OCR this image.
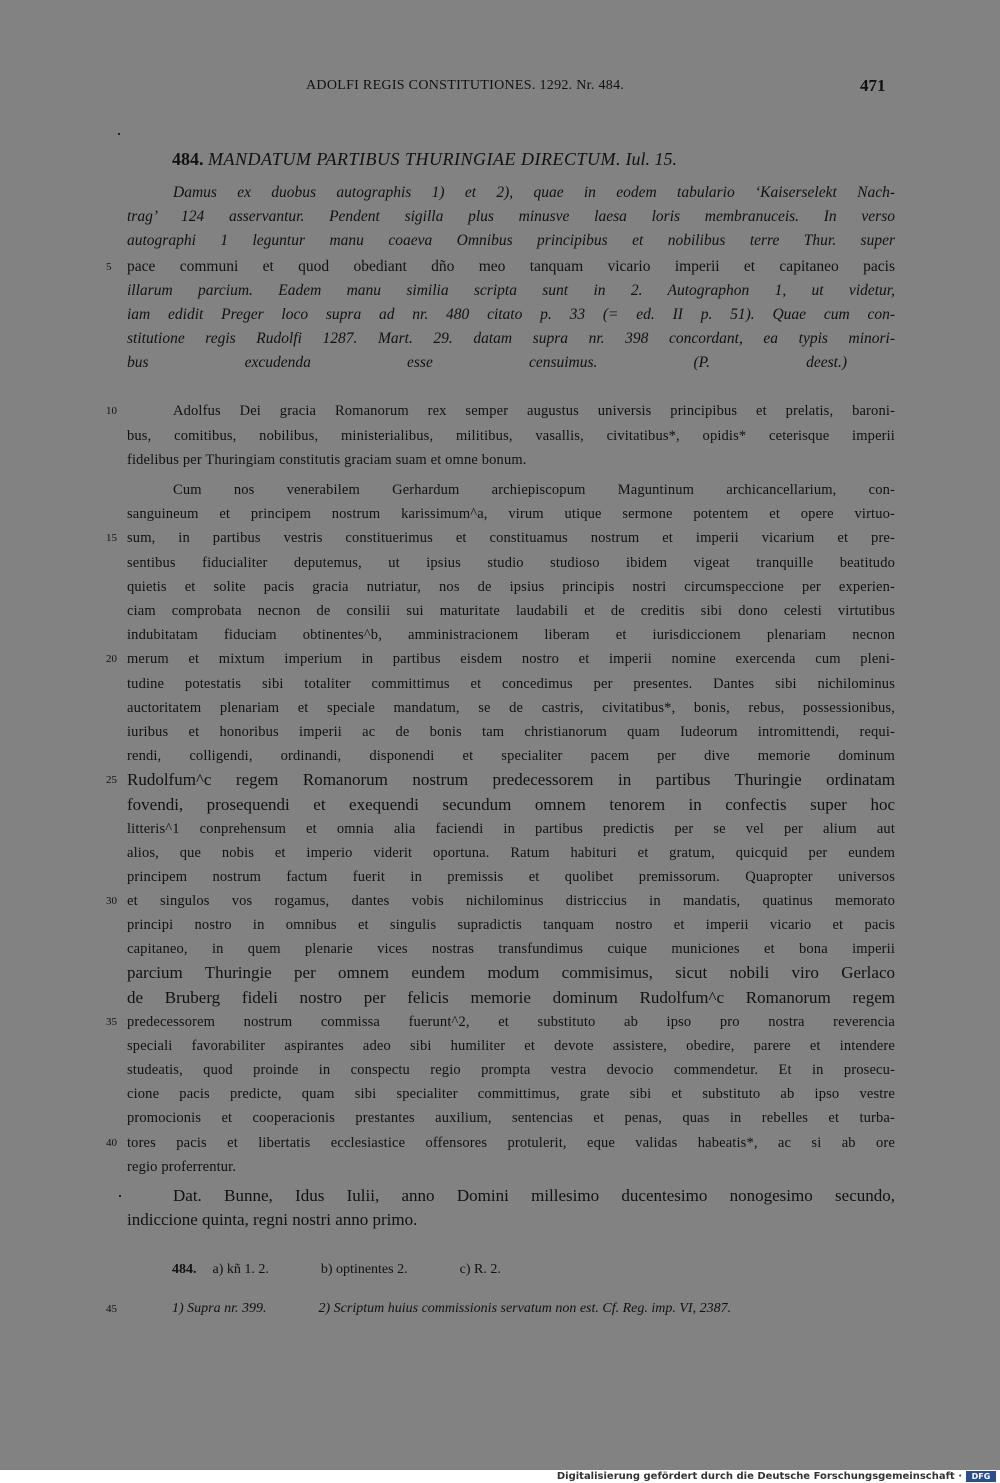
ADOLFI REGIS CONSTITUTIONES. 1292. Nr. 484.	471
484. MANDATUM PARTIBUS THURINGIAE DIRECTUM. Iul. 15.
Damus ex duobus autographis 1) et 2), quae in eodem tabulario ‘Kaiserselekt Nach-
trag’ 124 asservantur. Pendent sigilla plus minusve laesa loris membranuceis. In verso
autographi 1 leguntur manu coaeva Omnibus principibus et nobilibus terre Thur. super
pace communi et quod obediant dño meo tanquam vicario imperii et capitaneo pacis
illarum parcium. Eadem manu similia scripta sunt in 2. Autographon 1, ut videtur,
iam edidit Preger loco supra ad nr. 480 citato p. 33 (= ed. II p. 51). Quae cum con-
stitutione regis Rudolfi 1287. Mart. 29. datam supra nr. 398 concordant, ea typis minori-
bus excudenda esse censuimus. (P. deest.)
Adolfus Dei gracia Romanorum rex semper augustus universis principibus et prelatis, baroni-
bus, comitibus, nobilibus, ministerialibus, militibus, vasallis, civitatibus*, opidis* ceterisque imperii
fidelibus per Thuringiam constitutis graciam suam et omne bonum.
Cum nos venerabilem Gerhardum archiepiscopum Maguntinum archicancellarium, con-
sanguineum et principem nostrum karissimum^a, virum utique sermone potentem et opere virtuo-
sum, in partibus vestris constituerimus et constituamus nostrum et imperii vicarium et pre-
sentibus fiducialiter deputemus, ut ipsius studio studioso ibidem vigeat tranquille beatitudo
quietis et solite pacis gracia nutriatur, nos de ipsius principis nostri circumspeccione per experien-
ciam comprobata necnon de consilii sui maturitate laudabili et de creditis sibi dono celesti virtutibus
indubitatam fiduciam obtinentes^b, amministracionem liberam et iurisdiccionem plenariam necnon
merum et mixtum imperium in partibus eisdem nostro et imperii nomine exercenda cum pleni-
tudine potestatis sibi totaliter committimus et concedimus per presentes. Dantes sibi nichilominus
auctoritatem plenariam et speciale mandatum, se de castris, civitatibus*, bonis, rebus, possessionibus,
iuribus et honoribus imperii ac de bonis tam christianorum quam Iudeorum intromittendi, requi-
rendi, colligendi, ordinandi, disponendi et specialiter pacem per dive memorie dominum
Rudolfum^c regem Romanorum nostrum predecessorem in partibus Thuringie ordinatam
fovendi, prosequendi et exequendi secundum omnem tenorem in confectis super hoc
litteris^1 conprehensum et omnia alia faciendi in partibus predictis per se vel per alium aut
alios, que nobis et imperio viderit oportuna. Ratum habituri et gratum, quicquid per eundem
principem nostrum factum fuerit in premissis et quolibet premissorum. Quapropter universos
et singulos vos rogamus, dantes vobis nichilominus districcius in mandatis, quatinus memorato
principi nostro in omnibus et singulis supradictis tanquam nostro et imperii vicario et pacis
capitaneo, in quem plenarie vices nostras transfundimus cuique municiones et bona imperii
parcium Thuringie per omnem eundem modum commisimus, sicut nobili viro Gerlaco
de Bruberg fideli nostro per felicis memorie dominum Rudolfum^c Romanorum regem
predecessorem nostrum commissa fuerunt^2, et substituto ab ipso pro nostra reverencia
speciali favorabiliter aspirantes adeo sibi humiliter et devote assistere, obedire, parere et intendere
studeatis, quod proinde in conspectu regio prompta vestra devocio commendetur. Et in prosecu-
cione pacis predicte, quam sibi specialiter committimus, grate sibi et substituto ab ipso vestre
promocionis et cooperacionis prestantes auxilium, sentencias et penas, quas in rebelles et turba-
tores pacis et libertatis ecclesiastice offensores protulerit, eque validas habeatis*, ac si ab ore
regio proferrentur.
Dat. Bunne, Idus Iulii, anno Domini millesimo ducentesimo nonogesimo secundo,
indiccione quinta, regni nostri anno primo.
5
10
15
20
25
30
35
40
45
484. a) kñ 1. 2.	b) optinentes 2.	c) R. 2.
1) Supra nr. 399.	2) Scriptum huius commissionis servatum non est. Cf. Reg. imp. VI, 2387.
Digitalisierung gefördert durch die Deutsche Forschungsgemeinschaft ·	DFG
